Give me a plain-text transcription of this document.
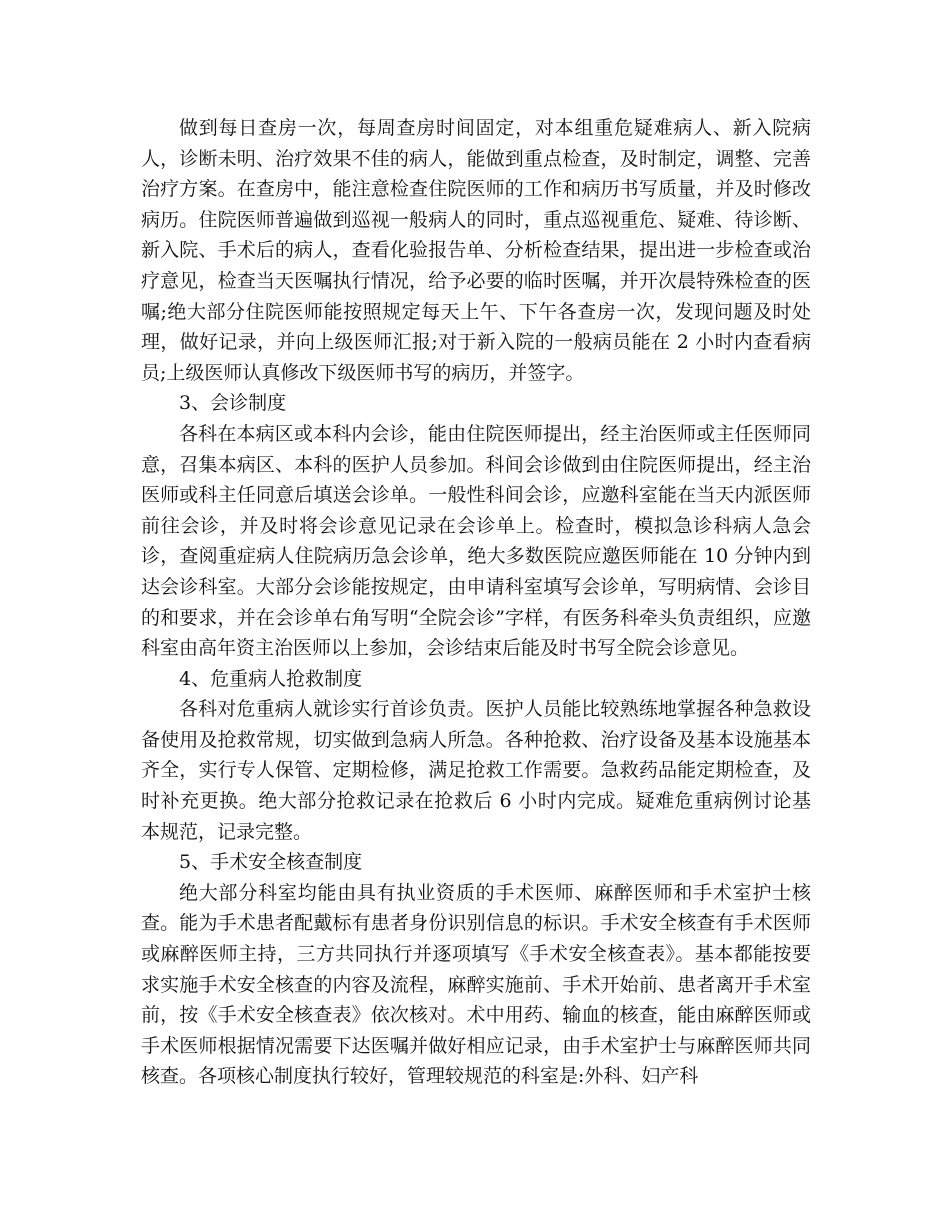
做到每日查房一次，每周查房时间固定，对本组重危疑难病人、新入院病人，诊断未明、治疗效果不佳的病人，能做到重点检查，及时制定，调整、完善治疗方案。在查房中，能注意检查住院医师的工作和病历书写质量，并及时修改病历。住院医师普遍做到巡视一般病人的同时，重点巡视重危、疑难、待诊断、新入院、手术后的病人，查看化验报告单、分析检查结果，提出进一步检查或治疗意见，检查当天医嘱执行情况，给予必要的临时医嘱，并开次晨特殊检查的医嘱;绝大部分住院医师能按照规定每天上午、下午各查房一次，发现问题及时处理，做好记录，并向上级医师汇报;对于新入院的一般病员能在 2 小时内查看病员;上级医师认真修改下级医师书写的病历，并签字。

3、会诊制度

各科在本病区或本科内会诊，能由住院医师提出，经主治医师或主任医师同意，召集本病区、本科的医护人员参加。科间会诊做到由住院医师提出，经主治医师或科主任同意后填送会诊单。一般性科间会诊，应邀科室能在当天内派医师前往会诊，并及时将会诊意见记录在会诊单上。检查时，模拟急诊科病人急会诊，查阅重症病人住院病历急会诊单，绝大多数医院应邀医师能在 10 分钟内到达会诊科室。大部分会诊能按规定，由申请科室填写会诊单，写明病情、会诊目的和要求，并在会诊单右角写明“全院会诊”字样，有医务科牵头负责组织，应邀科室由高年资主治医师以上参加，会诊结束后能及时书写全院会诊意见。

4、危重病人抢救制度

各科对危重病人就诊实行首诊负责。医护人员能比较熟练地掌握各种急救设备使用及抢救常规，切实做到急病人所急。各种抢救、治疗设备及基本设施基本齐全，实行专人保管、定期检修，满足抢救工作需要。急救药品能定期检查，及时补充更换。绝大部分抢救记录在抢救后 6 小时内完成。疑难危重病例讨论基本规范，记录完整。

5、手术安全核查制度

绝大部分科室均能由具有执业资质的手术医师、麻醉医师和手术室护士核查。能为手术患者配戴标有患者身份识别信息的标识。手术安全核查有手术医师或麻醉医师主持，三方共同执行并逐项填写《手术安全核查表》。基本都能按要求实施手术安全核查的内容及流程，麻醉实施前、手术开始前、患者离开手术室前，按《手术安全核查表》依次核对。术中用药、输血的核查，能由麻醉医师或手术医师根据情况需要下达医嘱并做好相应记录，由手术室护士与麻醉医师共同核查。各项核心制度执行较好，管理较规范的科室是:外科、妇产科
